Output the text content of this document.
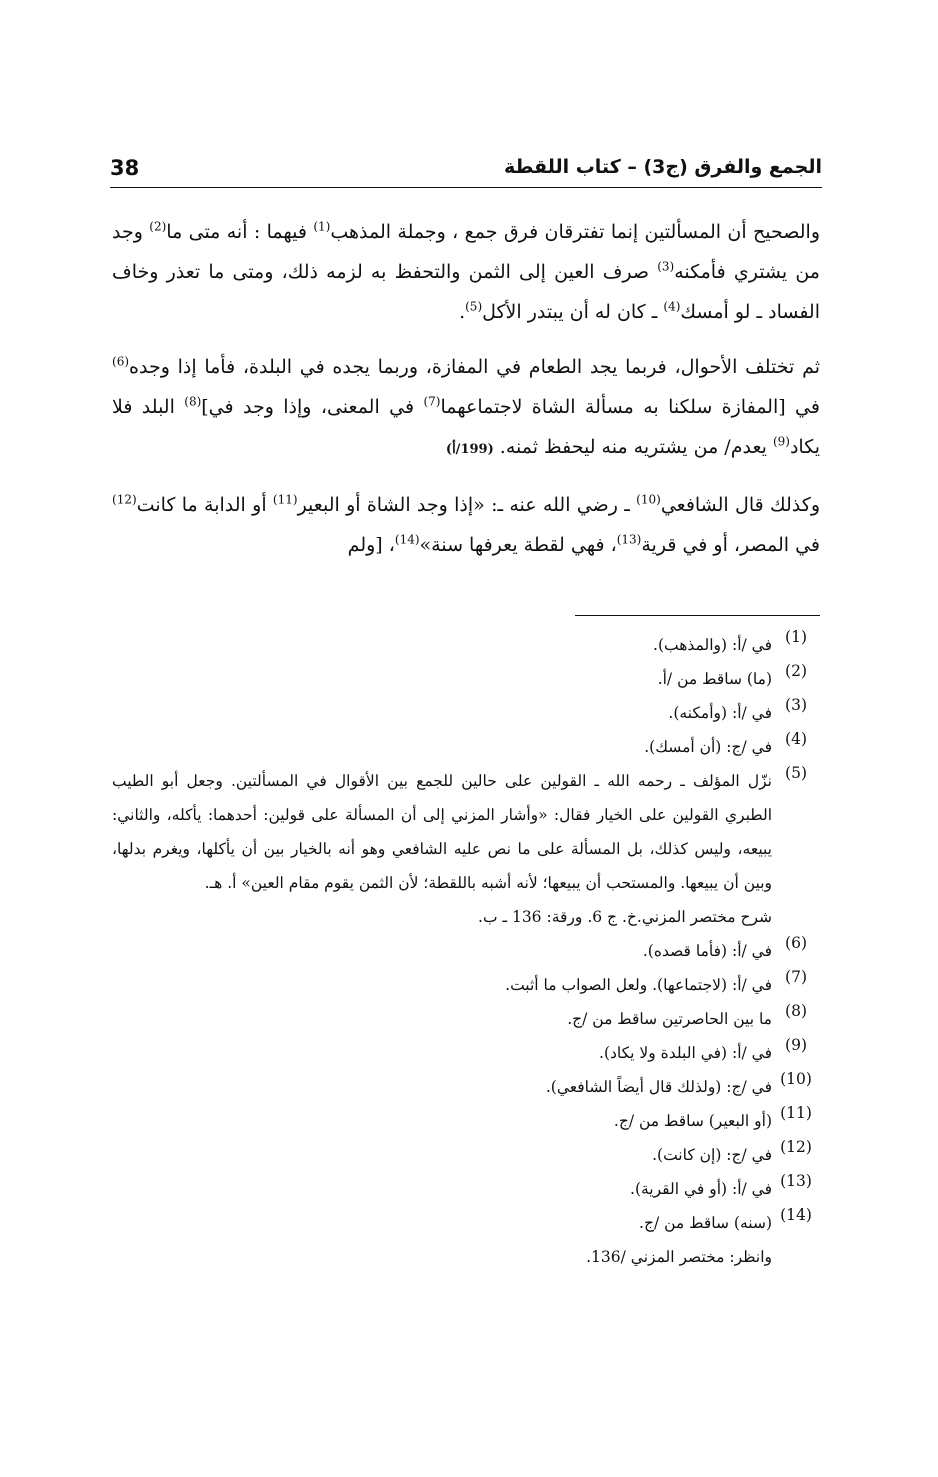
38	الجمع والفرق (ج3) – كتاب اللقطة

والصحيح أن المسألتين إنما تفترقان فرق جمع ، وجملة المذهب$^{(1)}$ فيهما : أنه متى ما$^{(2)}$ وجد من يشتري فأمكنه$^{(3)}$ صرف العين إلى الثمن والتحفظ به لزمه ذلك، ومتى ما تعذر وخاف الفساد ـ لو أمسك$^{(4)}$ ـ كان له أن يبتدر الأكل$^{(5)}$.

ثم تختلف الأحوال، فربما يجد الطعام في المفازة، وربما يجده في البلدة، فأما إذا وجده$^{(6)}$ في [المفازة سلكنا به مسألة الشاة لاجتماعهما$^{(7)}$ في المعنى، وإذا وجد في]$^{(8)}$ البلد فلا يكاد$^{(9)}$ يعدم/ من يشتريه منه ليحفظ ثمنه. (199/أ)

وكذلك قال الشافعي$^{(10)}$ ـ رضي الله عنه ـ: «إذا وجد الشاة أو البعير$^{(11)}$ أو الدابة ما كانت$^{(12)}$ في المصر، أو في قرية$^{(13)}$، فهي لقطة يعرفها سنة»$^{(14)}$، [ولم

(1)
في /أ: (والمذهب).
(2)
(ما) ساقط من /أ.
(3)
في /أ: (وأمكنه).
(4)
في /ج: (أن أمسك).
(5)
نزّل المؤلف ـ رحمه الله ـ القولين على حالين للجمع بين الأقوال في المسألتين. وجعل أبو الطيب الطبري القولين على الخيار فقال: «وأشار المزني إلى أن المسألة على قولين: أحدهما: يأكله، والثاني: يبيعه، وليس كذلك، بل المسألة على ما نص عليه الشافعي وهو أنه بالخيار بين أن يأكلها، ويغرم بدلها، وبين أن يبيعها. والمستحب أن يبيعها؛ لأنه أشبه باللقطة؛ لأن الثمن يقوم مقام العين» أ. هـ.
شرح مختصر المزني.خ. ج 6. ورقة: 136 ـ ب.
(6)
في /أ: (فأما قصده).
(7)
في /أ: (لاجتماعها). ولعل الصواب ما أثبت.
(8)
ما بين الحاصرتين ساقط من /ج.
(9)
في /أ: (في البلدة ولا يكاد).
(10)
في /ج: (ولذلك قال أيضاً الشافعي).
(11)
(أو البعير) ساقط من /ج.
(12)
في /ج: (إن كانت).
(13)
في /أ: (أو في القرية).
(14)
(سنه) ساقط من /ج.
وانظر: مختصر المزني /136.
